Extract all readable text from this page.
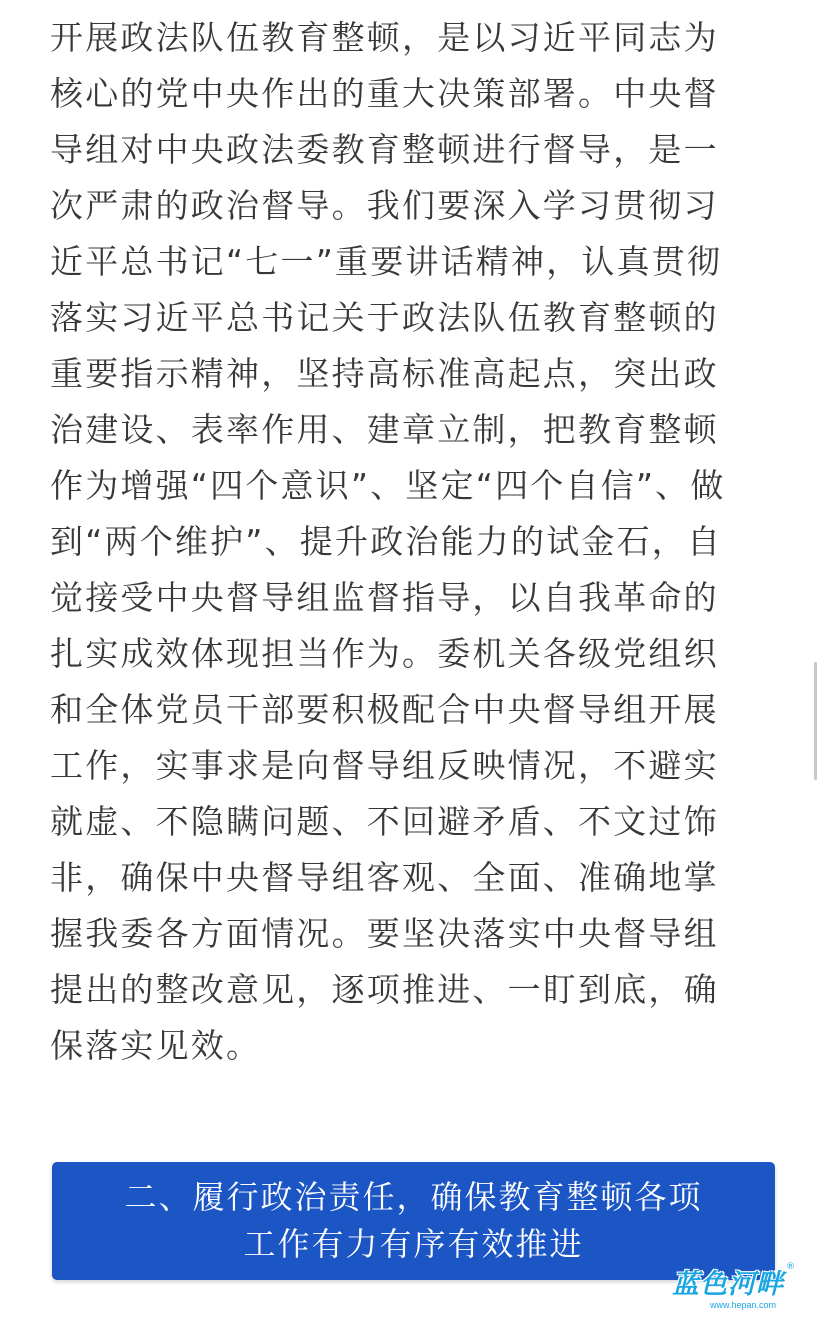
开展政法队伍教育整顿，是以习近平同志为
核心的党中央作出的重大决策部署。中央督
导组对中央政法委教育整顿进行督导，是一
次严肃的政治督导。我们要深入学习贯彻习
近平总书记“七一”重要讲话精神，认真贯彻
落实习近平总书记关于政法队伍教育整顿的
重要指示精神，坚持高标准高起点，突出政
治建设、表率作用、建章立制，把教育整顿
作为增强“四个意识”、坚定“四个自信”、做
到“两个维护”、提升政治能力的试金石，自
觉接受中央督导组监督指导，以自我革命的
扎实成效体现担当作为。委机关各级党组织
和全体党员干部要积极配合中央督导组开展
工作，实事求是向督导组反映情况，不避实
就虚、不隐瞒问题、不回避矛盾、不文过饰
非，确保中央督导组客观、全面、准确地掌
握我委各方面情况。要坚决落实中央督导组
提出的整改意见，逐项推进、一盯到底，确
保落实见效。
二、履行政治责任，确保教育整顿各项
工作有力有序有效推进
蓝色河畔
®
www.hepan.com
